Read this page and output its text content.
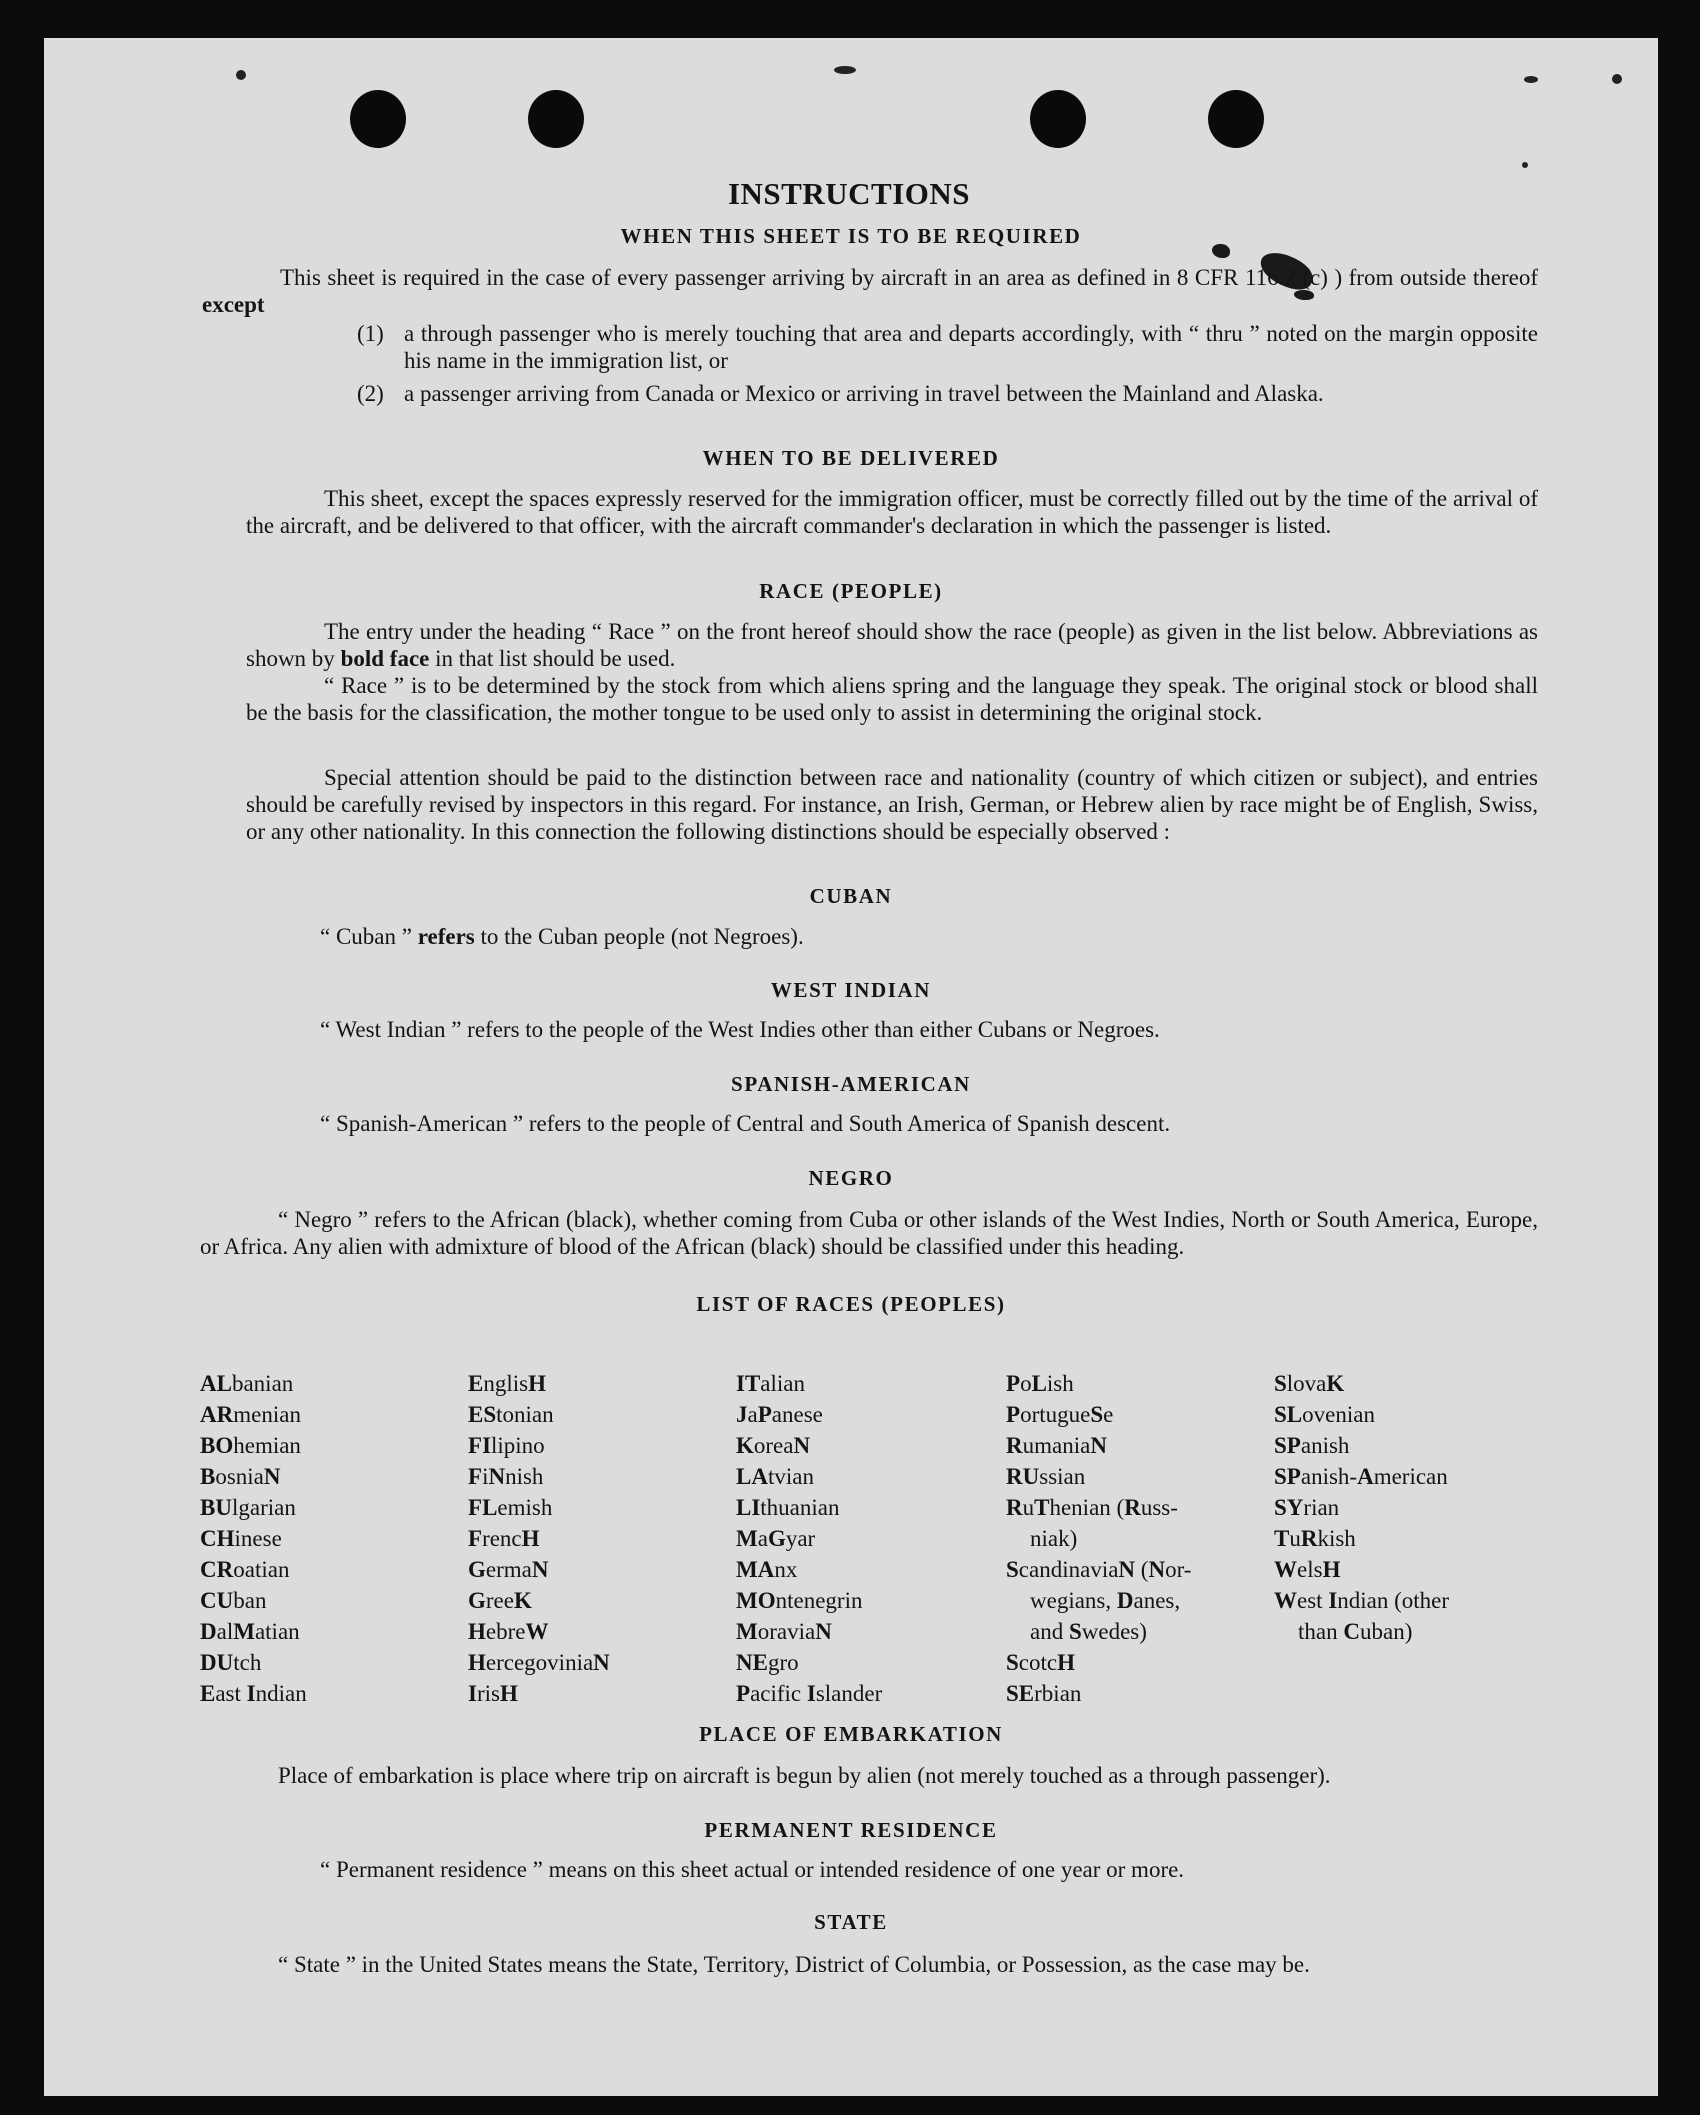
INSTRUCTIONS
WHEN THIS SHEET IS TO BE REQUIRED
This sheet is required in the case of every passenger arriving by aircraft in an area as defined in 8 CFR 116.2 (c) ) from outside thereof except
(1) a through passenger who is merely touching that area and departs accordingly, with “ thru ” noted on the margin opposite his name in the immigration list, or
(2) a passenger arriving from Canada or Mexico or arriving in travel between the Mainland and Alaska.
WHEN TO BE DELIVERED
This sheet, except the spaces expressly reserved for the immigration officer, must be correctly filled out by the time of the arrival of the aircraft, and be delivered to that officer, with the aircraft commander's declaration in which the passenger is listed.
RACE (PEOPLE)
The entry under the heading “ Race ” on the front hereof should show the race (people) as given in the list below. Abbreviations as shown by bold face in that list should be used.
“ Race ” is to be determined by the stock from which aliens spring and the language they speak. The original stock or blood shall be the basis for the classification, the mother tongue to be used only to assist in determining the original stock.
Special attention should be paid to the distinction between race and nationality (country of which citizen or subject), and entries should be carefully revised by inspectors in this regard. For instance, an Irish, German, or Hebrew alien by race might be of English, Swiss, or any other nationality. In this connection the following distinctions should be especially observed :
CUBAN
“ Cuban ” refers to the Cuban people (not Negroes).
WEST INDIAN
“ West Indian ” refers to the people of the West Indies other than either Cubans or Negroes.
SPANISH-AMERICAN
“ Spanish-American ” refers to the people of Central and South America of Spanish descent.
NEGRO
“ Negro ” refers to the African (black), whether coming from Cuba or other islands of the West Indies, North or South America, Europe, or Africa. Any alien with admixture of blood of the African (black) should be classified under this heading.
LIST OF RACES (PEOPLES)
ALbanian
ARmenian
BOhemian
BosniaN
BUlgarian
CHinese
CRoatian
CUban
DalMatian
DUtch
East Indian
EnglisH
EStonian
FIlipino
FiNnish
FLemish
FrencH
GermaN
GreeK
HebreW
HercegoviniaN
IrisH
ITalian
JaPanese
KoreaN
LAtvian
LIthuanian
MaGyar
MAnx
MOntenegrin
MoraviaN
NEgro
Pacific Islander
PoLish
PortugueSe
RumaniaN
RUssian
RuThenian (Russ-
niak)
ScandinaviaN (Nor-
wegians, Danes,
and Swedes)
ScotcH
SErbian
SlovaK
SLovenian
SPanish
SPanish-American
SYrian
TuRkish
WelsH
West Indian (other
than Cuban)
PLACE OF EMBARKATION
Place of embarkation is place where trip on aircraft is begun by alien (not merely touched as a through passenger).
PERMANENT RESIDENCE
“ Permanent residence ” means on this sheet actual or intended residence of one year or more.
STATE
“ State ” in the United States means the State, Territory, District of Columbia, or Possession, as the case may be.
